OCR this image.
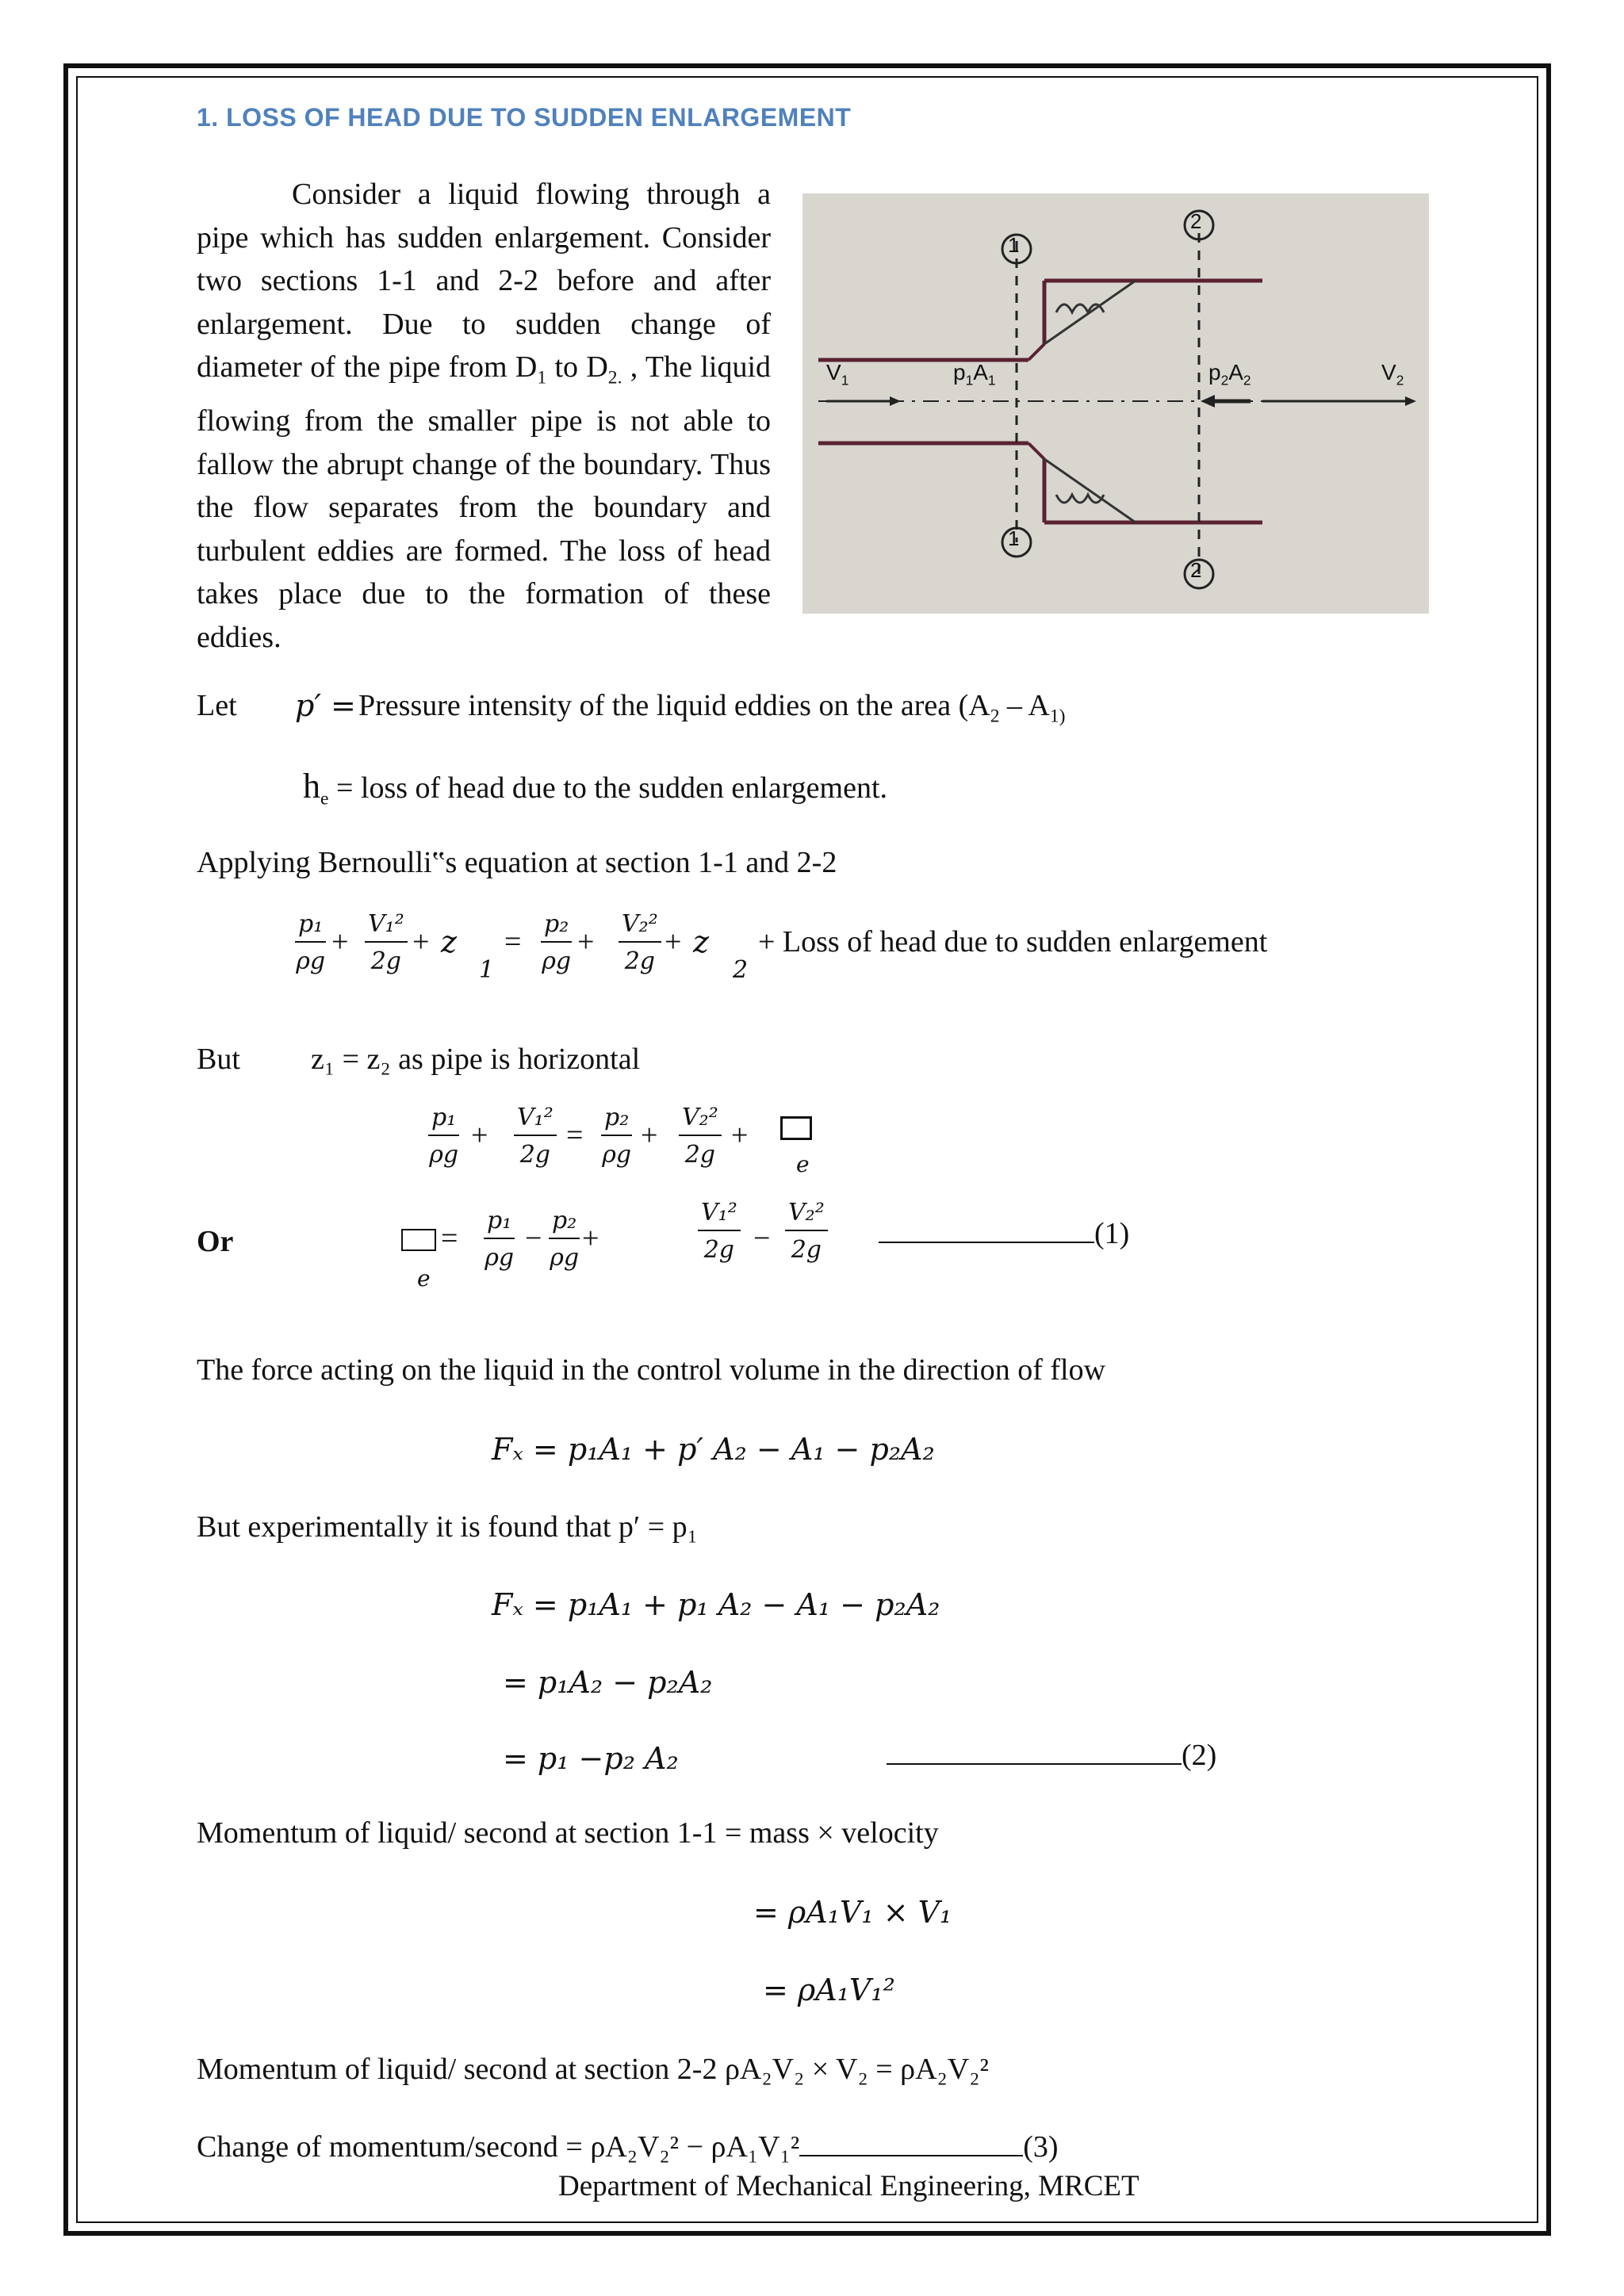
1. LOSS OF HEAD DUE TO SUDDEN ENLARGEMENT
Consider a liquid flowing through a pipe which has sudden enlargement. Consider two sections 1-1 and 2-2 before and after enlargement. Due to sudden change of diameter of the pipe from $D_1$ to $D_{2.}$ , The liquid flowing from the smaller pipe is not able to fallow the abrupt change of the boundary. Thus the flow separates from the boundary and turbulent eddies are formed. The loss of head takes place due to the formation of these eddies.
1
1
2
2
$V_1$	$V_2$
$p_1A_1$	$p_2A_2$
Let p′ = Pressure intensity of the liquid eddies on the area ($A_2 - A_{1)}$
$h_e$ = loss of head due to the sudden enlargement.
Applying Bernoulli‟s equation at section 1-1 and 2-2
$\frac{\text{p₁}}{\rho g} + \frac{\text{V₁²}}{2g} + z$
1
= $\frac{\text{p₂}}{\rho g} + \frac{\text{V₂²}}{2g} + z$
2
+ Loss of head due to sudden enlargement
But z₁ = z₂ as pipe is horizontal
$\frac{\text{p₁}}{\rho g} + \frac{\text{V₁²}}{2g} = \frac{\text{p₂}}{\rho g} + \frac{\text{V₂²}}{2g}$ +
e
Or
e
= $\frac{\text{p₁}}{\rho g} - \frac{\text{p₂}}{\rho g}$ +	$\frac{\text{V₁²}}{2g} - \frac{\text{V₂²}}{2g}$	(1)
The force acting on the liquid in the control volume in the direction of flow
Fₓ = p₁A₁ + p′ A₂ − A₁ − p₂A₂
But experimentally it is found that p′ = p₁
Fₓ = p₁A₁ + p₁ A₂ − A₁ − p₂A₂
= p₁A₂ − p₂A₂
= p₁ −p₂ A₂	(2)
Momentum of liquid/ second at section 1-1 = mass × velocity
= ρA₁V₁ × V₁
= ρA₁V₁²
Momentum of liquid/ second at section 2-2 ρA₂V₂ × V₂ = ρA₂V₂²
Change of momentum/second = ρA₂V₂² − ρA₁V₁²	(3)
Department of Mechanical Engineering, MRCET
